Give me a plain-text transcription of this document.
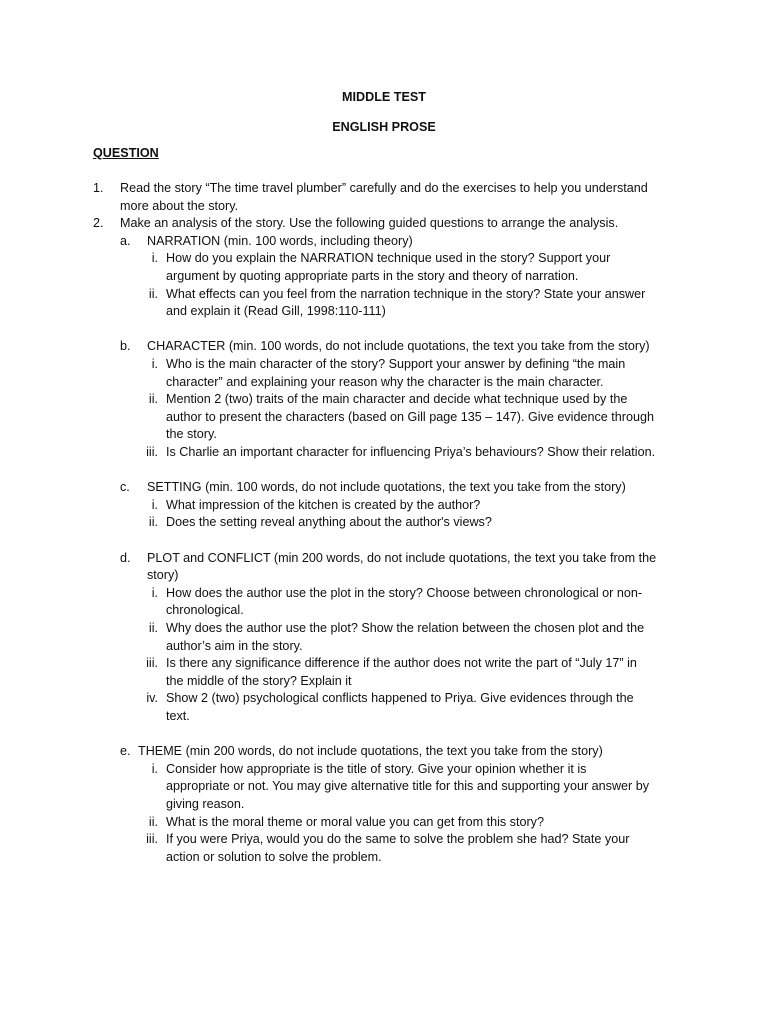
MIDDLE TEST
ENGLISH PROSE
QUESTION
1. Read the story “The time travel plumber” carefully and do the exercises to help you understand
more about the story.
2. Make an analysis of the story. Use the following guided questions to arrange the analysis.
a. NARRATION (min. 100 words, including theory)
i. How do you explain the NARRATION technique used in the story? Support your
argument by quoting appropriate parts in the story and theory of narration.
ii. What effects can you feel from the narration technique in the story? State your answer
and explain it (Read Gill, 1998:110-111)
b. CHARACTER (min. 100 words, do not include quotations, the text you take from the story)
i. Who is the main character of the story? Support your answer by defining “the main
character” and explaining your reason why the character is the main character.
ii. Mention 2 (two) traits of the main character and decide what technique used by the
author to present the characters (based on Gill page 135 – 147). Give evidence through
the story.
iii. Is Charlie an important character for influencing Priya’s behaviours? Show their relation.
c. SETTING (min. 100 words, do not include quotations, the text you take from the story)
i. What impression of the kitchen is created by the author?
ii. Does the setting reveal anything about the author's views?
d. PLOT and CONFLICT (min 200 words, do not include quotations, the text you take from the
story)
i. How does the author use the plot in the story? Choose between chronological or non-
chronological.
ii. Why does the author use the plot? Show the relation between the chosen plot and the
author’s aim in the story.
iii. Is there any significance difference if the author does not write the part of “July 17” in
the middle of the story? Explain it
iv. Show 2 (two) psychological conflicts happened to Priya. Give evidences through the
text.
e. THEME (min 200 words, do not include quotations, the text you take from the story)
i. Consider how appropriate is the title of story. Give your opinion whether it is
appropriate or not. You may give alternative title for this and supporting your answer by
giving reason.
ii. What is the moral theme or moral value you can get from this story?
iii. If you were Priya, would you do the same to solve the problem she had? State your
action or solution to solve the problem.
